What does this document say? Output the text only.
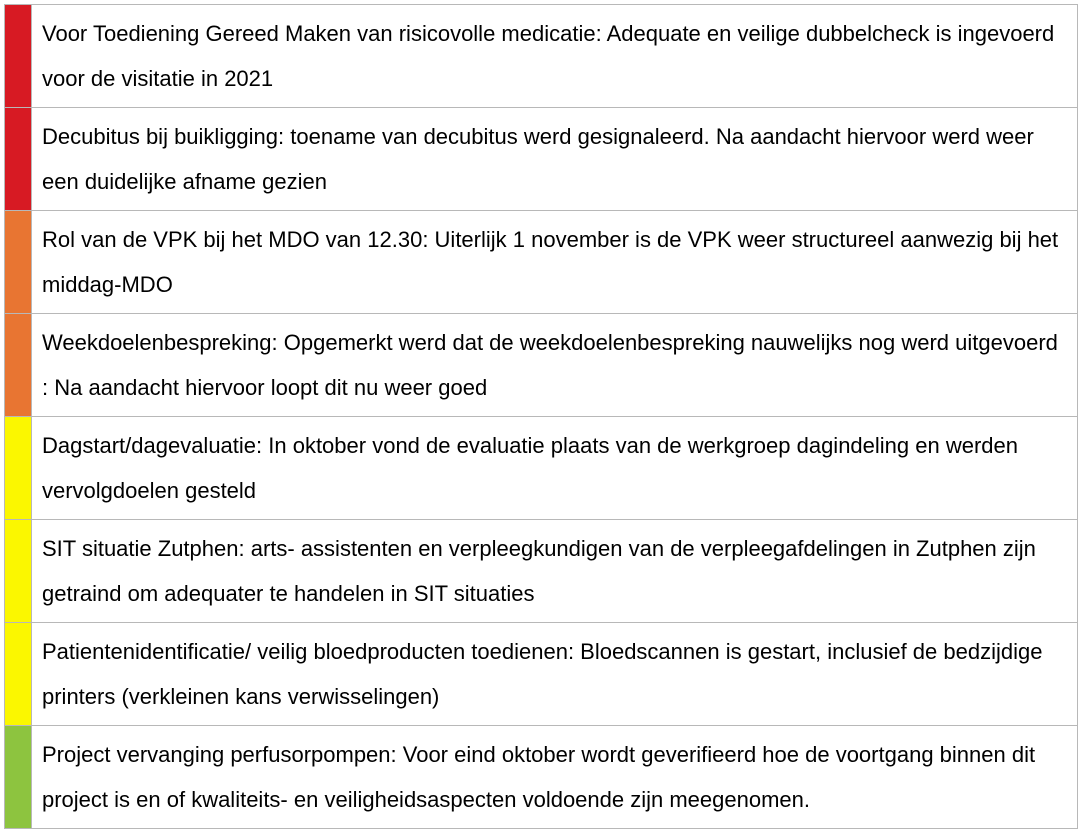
	Voor Toediening Gereed Maken van risicovolle medicatie: Adequate en veilige dubbelcheck is ingevoerd voor de visitatie in 2021
	Decubitus bij buikligging: toename van decubitus werd gesignaleerd. Na aandacht hiervoor werd weer een duidelijke afname gezien
	Rol van de VPK bij het MDO van 12.30: Uiterlijk 1 november is de VPK weer structureel aanwezig bij het middag-MDO
	Weekdoelenbespreking: Opgemerkt werd dat de weekdoelenbespreking nauwelijks nog werd uitgevoerd : Na aandacht hiervoor loopt dit nu weer goed
	Dagstart/dagevaluatie: In oktober vond de evaluatie plaats van de werkgroep dagindeling en werden vervolgdoelen gesteld
	SIT situatie Zutphen: arts- assistenten en verpleegkundigen van de verpleegafdelingen in Zutphen zijn getraind om adequater te handelen in SIT situaties
	Patientenidentificatie/ veilig bloedproducten toedienen: Bloedscannen is gestart, inclusief de bedzijdige printers (verkleinen kans verwisselingen)
	Project vervanging perfusorpompen: Voor eind oktober wordt geverifieerd hoe de voortgang binnen dit project is en of kwaliteits- en veiligheidsaspecten voldoende zijn meegenomen.
